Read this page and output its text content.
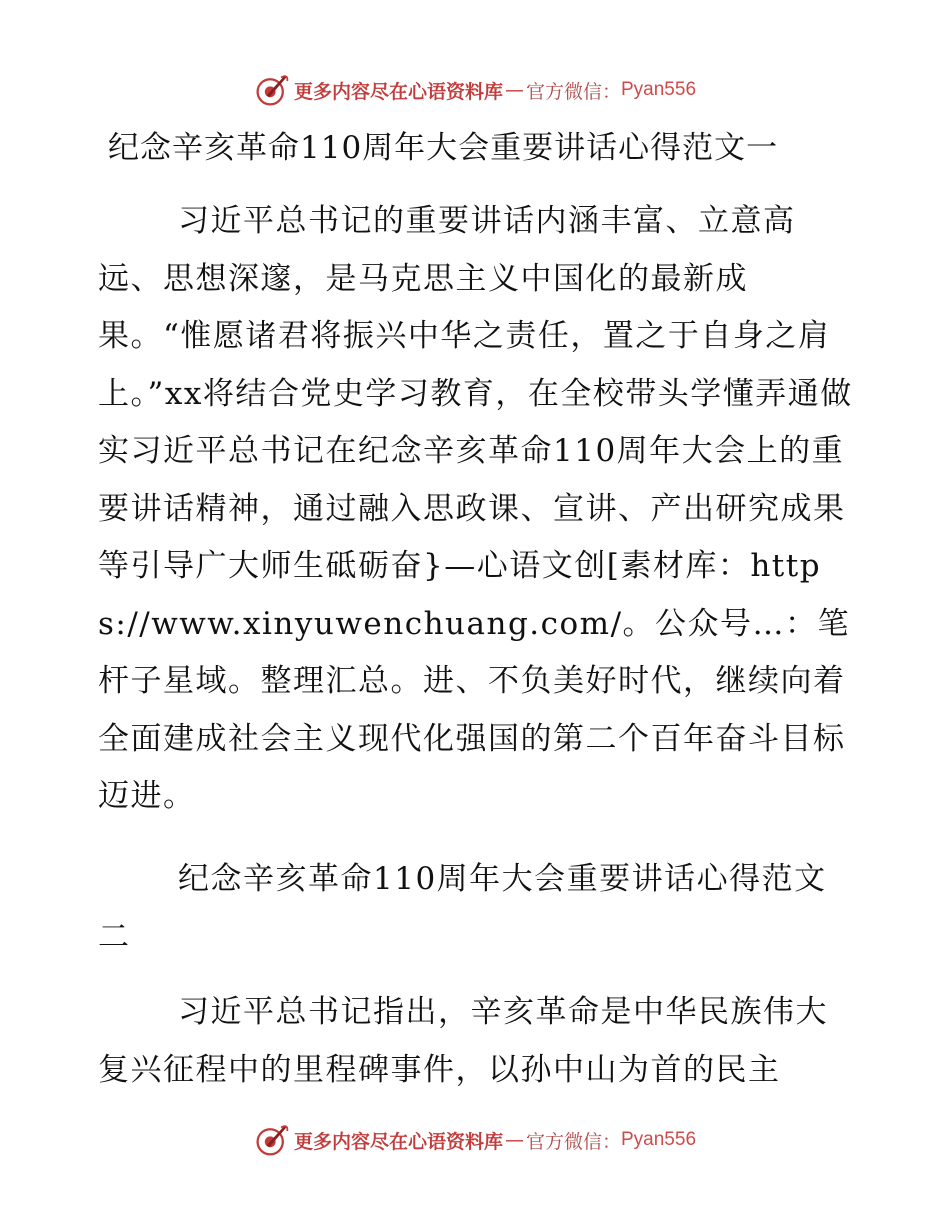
更多内容尽在心语资料库 — 官方微信： Pyan556
纪念辛亥革命110周年大会重要讲话心得范文一

习近平总书记的重要讲话内涵丰富、立意高远、思想深邃，是马克思主义中国化的最新成果。“惟愿诸君将振兴中华之责任，置之于自身之肩上。”xx将结合党史学习教育，在全校带头学懂弄通做实习近平总书记在纪念辛亥革命110周年大会上的重要讲话精神，通过融入思政课、宣讲、产出研究成果等引导广大师生砥砺奋}—心语文创[素材库：https://www.xinyuwenchuang.com/。公众号…：笔杆子星域。整理汇总。进、不负美好时代，继续向着全面建成社会主义现代化强国的第二个百年奋斗目标迈进。

纪念辛亥革命110周年大会重要讲话心得范文二

习近平总书记指出，辛亥革命是中华民族伟大复兴征程中的里程碑事件，以孙中山为首的民主

更多内容尽在心语资料库 — 官方微信： Pyan556
